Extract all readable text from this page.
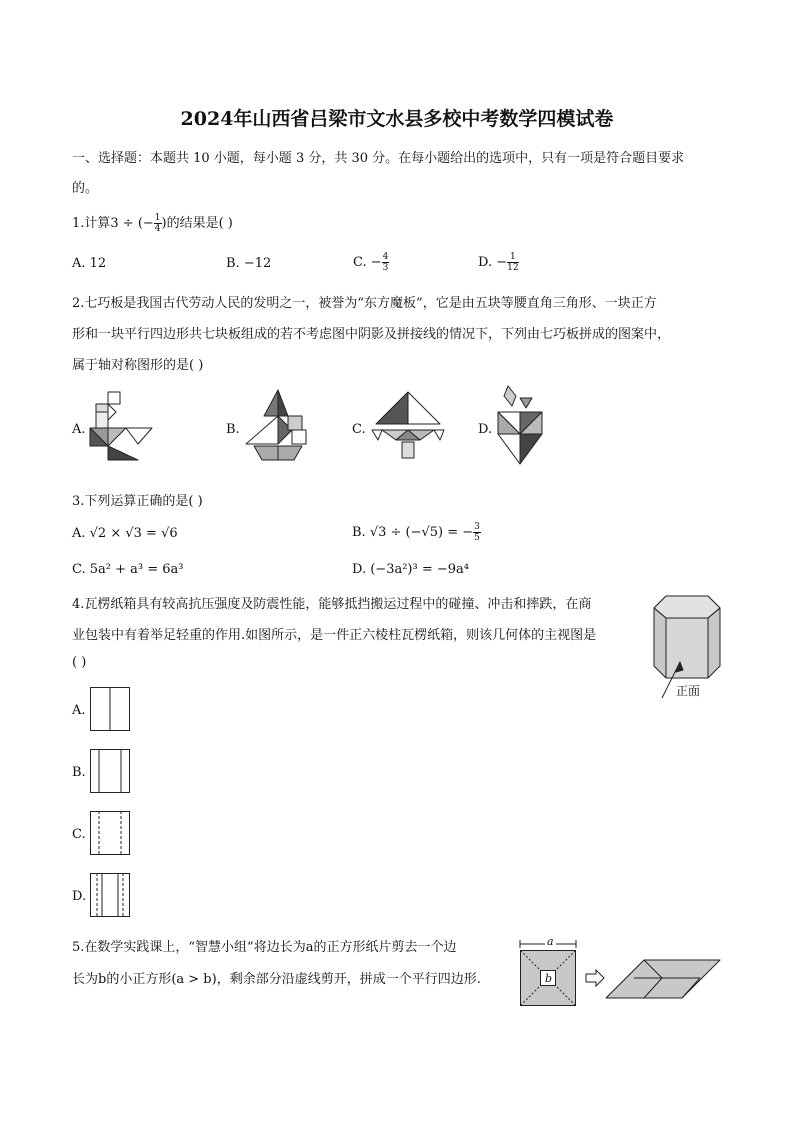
2024年山西省吕梁市文水县多校中考数学四模试卷
一、选择题：本题共 10 小题，每小题 3 分，共 30 分。在每小题给出的选项中，只有一项是符合题目要求
的。
1.计算3 ÷ (− $\frac{1}{4}$ )的结果是( )
A. 12	B. −12	C. − $\frac{4}{3}$	D. − $\frac{1}{12}$
2.七巧板是我国古代劳动人民的发明之一，被誉为“东方魔板”，它是由五块等腰直角三角形、一块正方
形和一块平行四边形共七块板组成的若不考虑图中阴影及拼接线的情况下，下列由七巧板拼成的图案中，
属于轴对称图形的是( )
A.	B.	C.	D.
3.下列运算正确的是( )
A. √2 × √3 = √6	B. √3 ÷ (−√5) = − $\frac{3}{5}$
C. 5a² + a³ = 6a³	D. (−3a²)³ = −9a⁴
4.瓦楞纸箱具有较高抗压强度及防震性能，能够抵挡搬运过程中的碰撞、冲击和摔跌，在商
业包装中有着举足轻重的作用.如图所示，是一件正六棱柱瓦楞纸箱，则该几何体的主视图是
( )
正面
A.
B.
C.
D.
5.在数学实践课上，“智慧小组”将边长为a的正方形纸片剪去一个边
长为b的小正方形(a > b)，剩余部分沿虚线剪开，拼成一个平行四边形.
a
b
